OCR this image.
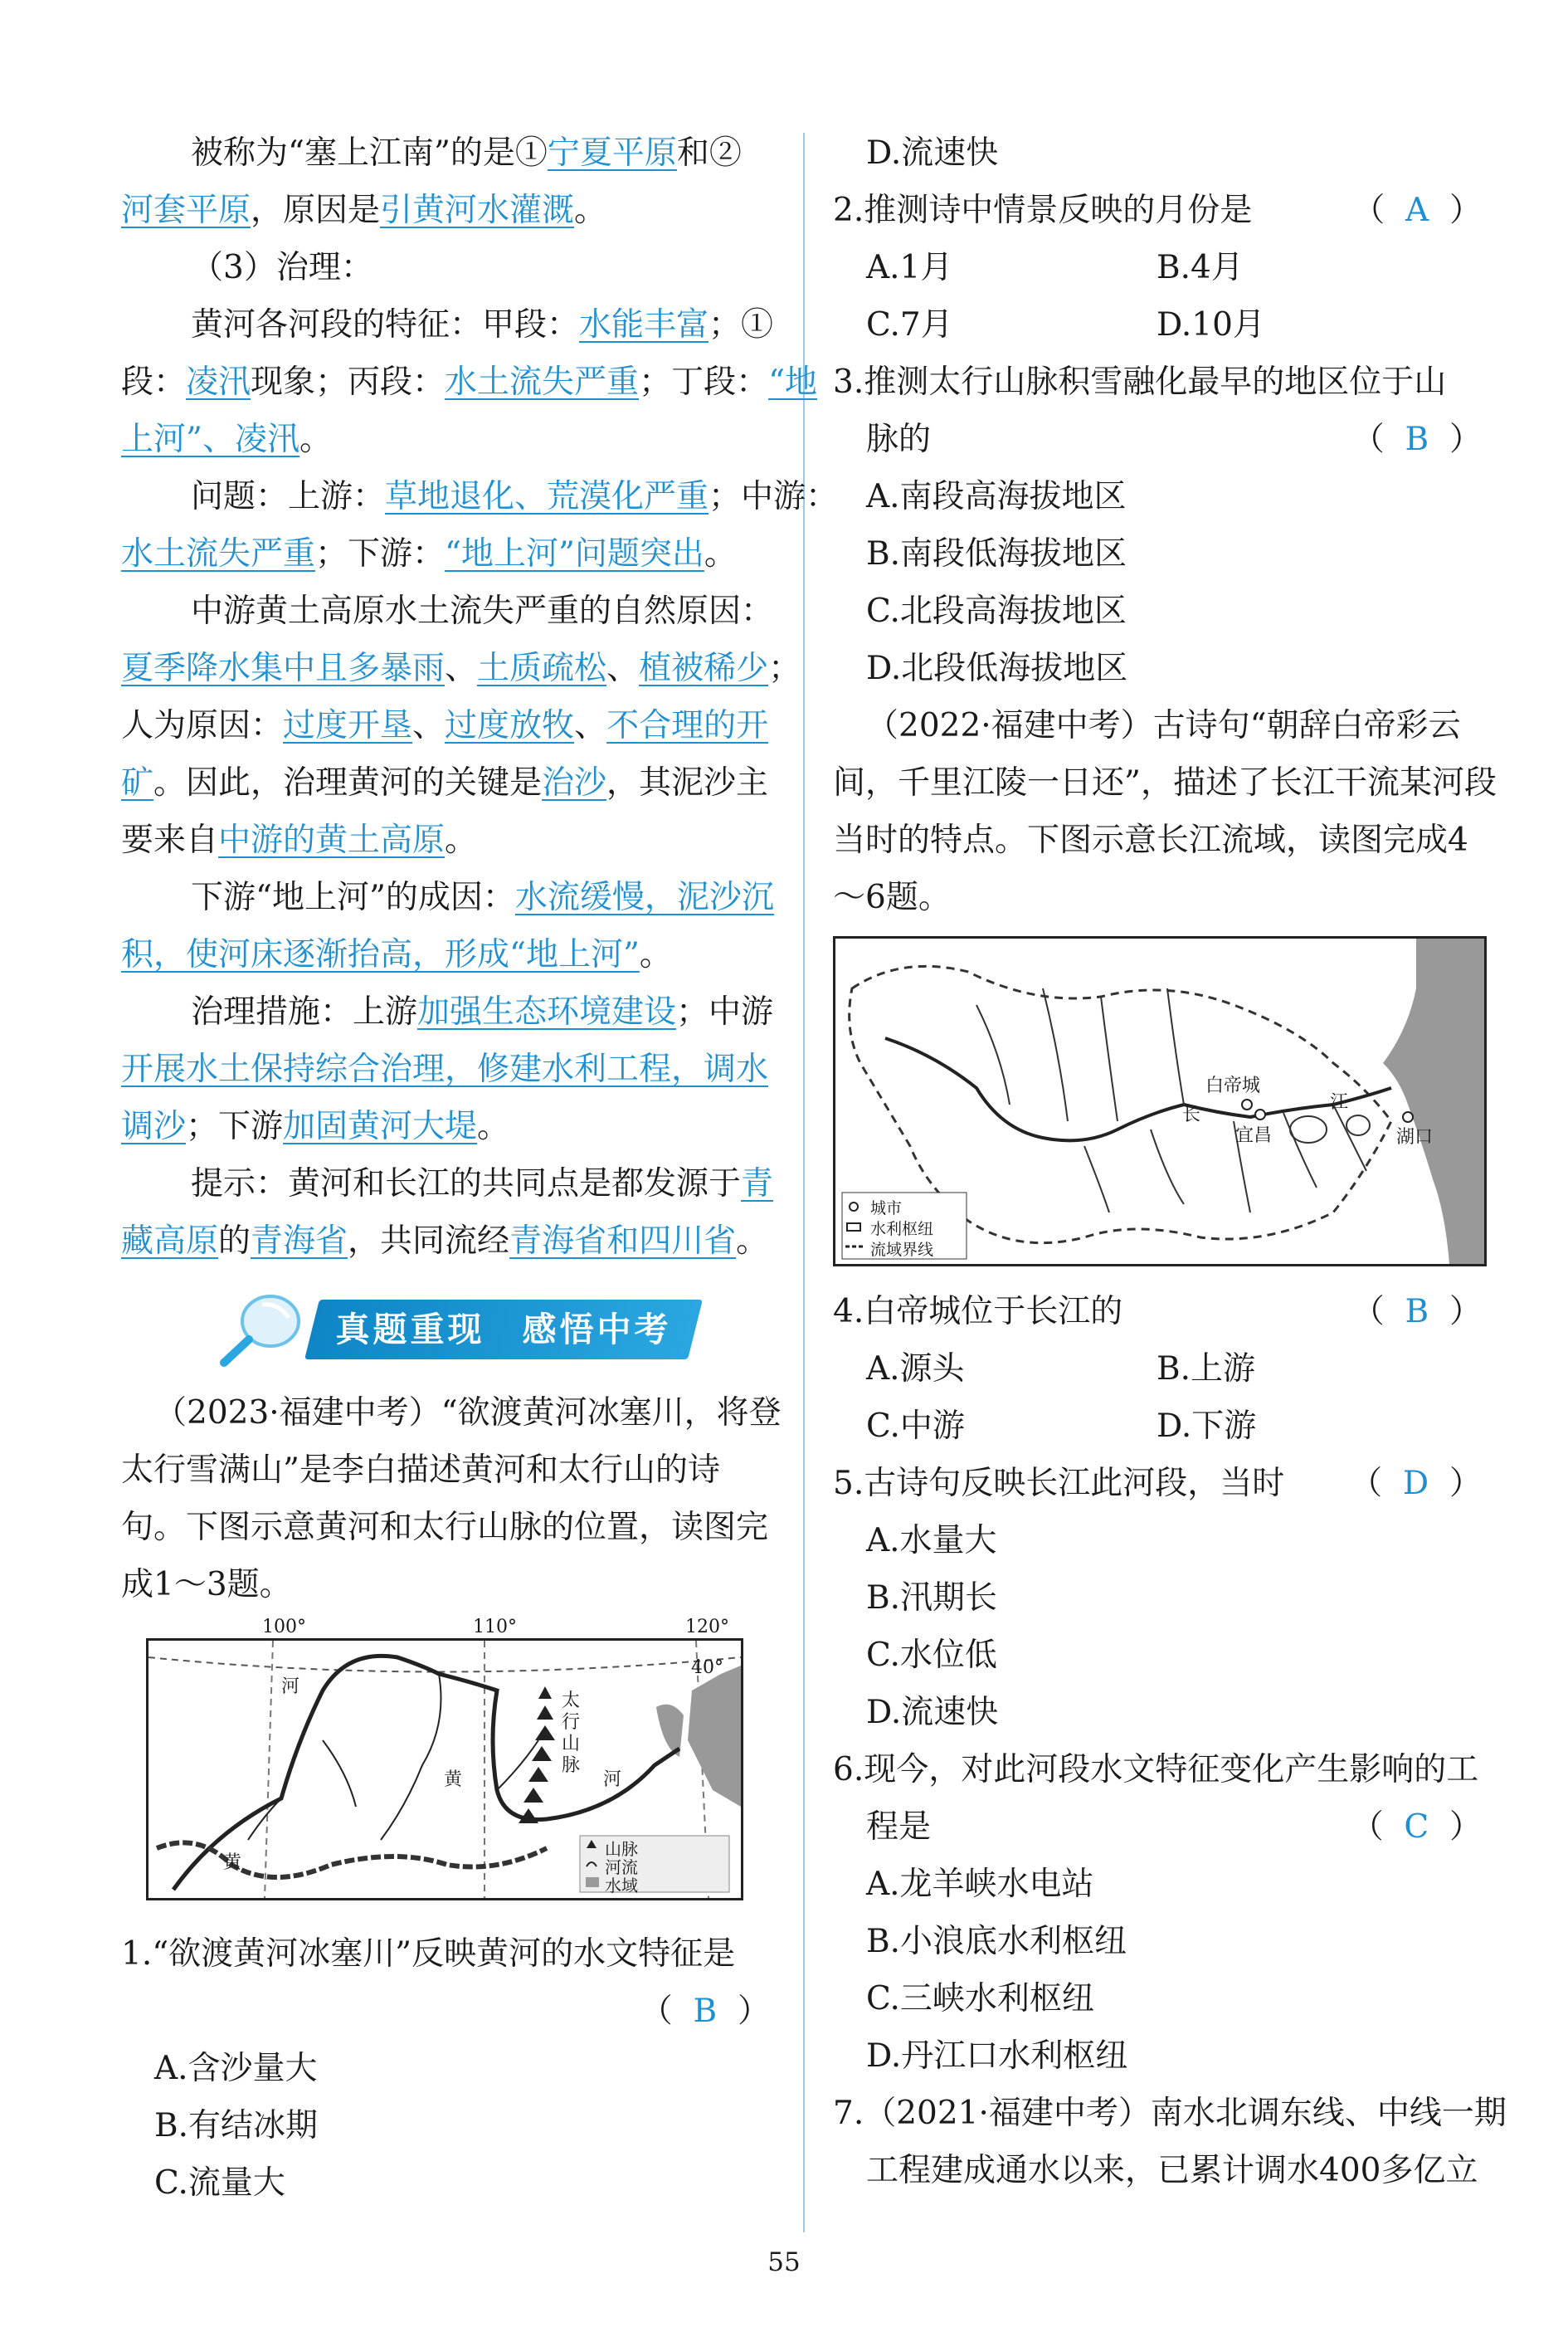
被称为“塞上江南”的是①宁夏平原和②
河套平原，原因是引黄河水灌溉。
（3）治理：
黄河各河段的特征：甲段：水能丰富；①
段：凌汛现象；丙段：水土流失严重；丁段：“地
上河”、凌汛。
问题：上游：草地退化、荒漠化严重；中游：
水土流失严重；下游：“地上河”问题突出。
中游黄土高原水土流失严重的自然原因：
夏季降水集中且多暴雨、土质疏松、植被稀少；
人为原因：过度开垦、过度放牧、不合理的开
矿。因此，治理黄河的关键是治沙，其泥沙主
要来自中游的黄土高原。
下游“地上河”的成因：水流缓慢，泥沙沉
积，使河床逐渐抬高，形成“地上河”。
治理措施：上游加强生态环境建设；中游
开展水土保持综合治理，修建水利工程，调水
调沙；下游加固黄河大堤。
提示：黄河和长江的共同点是都发源于青
藏高原的青海省，共同流经青海省和四川省。
真题重现　感悟中考
（2023·福建中考）“欲渡黄河冰塞川，将登
太行雪满山”是李白描述黄河和太行山的诗
句。下图示意黄河和太行山脉的位置，读图完
成1～3题。
100°	110°	120°
河
黄
黄
河
太
行
山
脉
40°
山脉
河流
水域
1.“欲渡黄河冰塞川”反映黄河的水文特征是
（  B  ）
A.含沙量大
B.有结冰期
C.流量大
D.流速快
2.推测诗中情景反映的月份是	（  A  ）
A.1月	B.4月
C.7月	D.10月
3.推测太行山脉积雪融化最早的地区位于山
脉的	（  B  ）
A.南段高海拔地区
B.南段低海拔地区
C.北段高海拔地区
D.北段低海拔地区
（2022·福建中考）古诗句“朝辞白帝彩云
间，千里江陵一日还”，描述了长江干流某河段
当时的特点。下图示意长江流域，读图完成4
～6题。
白帝城
长
宜昌
江
湖口
城市
水利枢纽
流域界线
4.白帝城位于长江的	（  B  ）
A.源头	B.上游
C.中游	D.下游
5.古诗句反映长江此河段，当时 （  D  ）
A.水量大
B.汛期长
C.水位低
D.流速快
6.现今，对此河段水文特征变化产生影响的工
程是	（  C  ）
A.龙羊峡水电站
B.小浪底水利枢纽
C.三峡水利枢纽
D.丹江口水利枢纽
7.（2021·福建中考）南水北调东线、中线一期
工程建成通水以来，已累计调水400多亿立
55
